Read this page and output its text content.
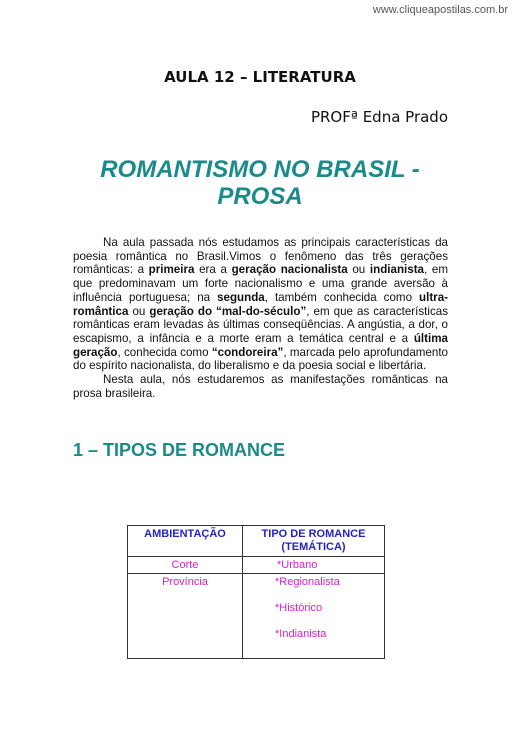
www.cliqueapostilas.com.br
AULA 12 – LITERATURA
PROFª Edna Prado
ROMANTISMO NO BRASIL -
PROSA

Na aula passada nós estudamos as principais características da poesia romântica no Brasil.Vimos o fenômeno das três gerações românticas: a primeira era a geração nacionalista ou indianista, em que predominavam um forte nacionalismo e uma grande aversão à influência portuguesa; na segunda, também conhecida como ultra-romântica ou geração do “mal-do-século”, em que as características românticas eram levadas às últimas conseqüências. A angústia, a dor, o escapismo, a infância e a morte eram a temática central e a última geração, conhecida como “condoreira”, marcada pelo aprofundamento do espírito nacionalista, do liberalismo e da poesia social e libertária.

Nesta aula, nós estudaremos as manifestações românticas na prosa brasileira.

1 – TIPOS DE ROMANCE
AMBIENTAÇÃO	TIPO DE ROMANCE (TEMÁTICA)
Corte	*Urbano

Província	*Regionalista
*Histórico
*Indianista
